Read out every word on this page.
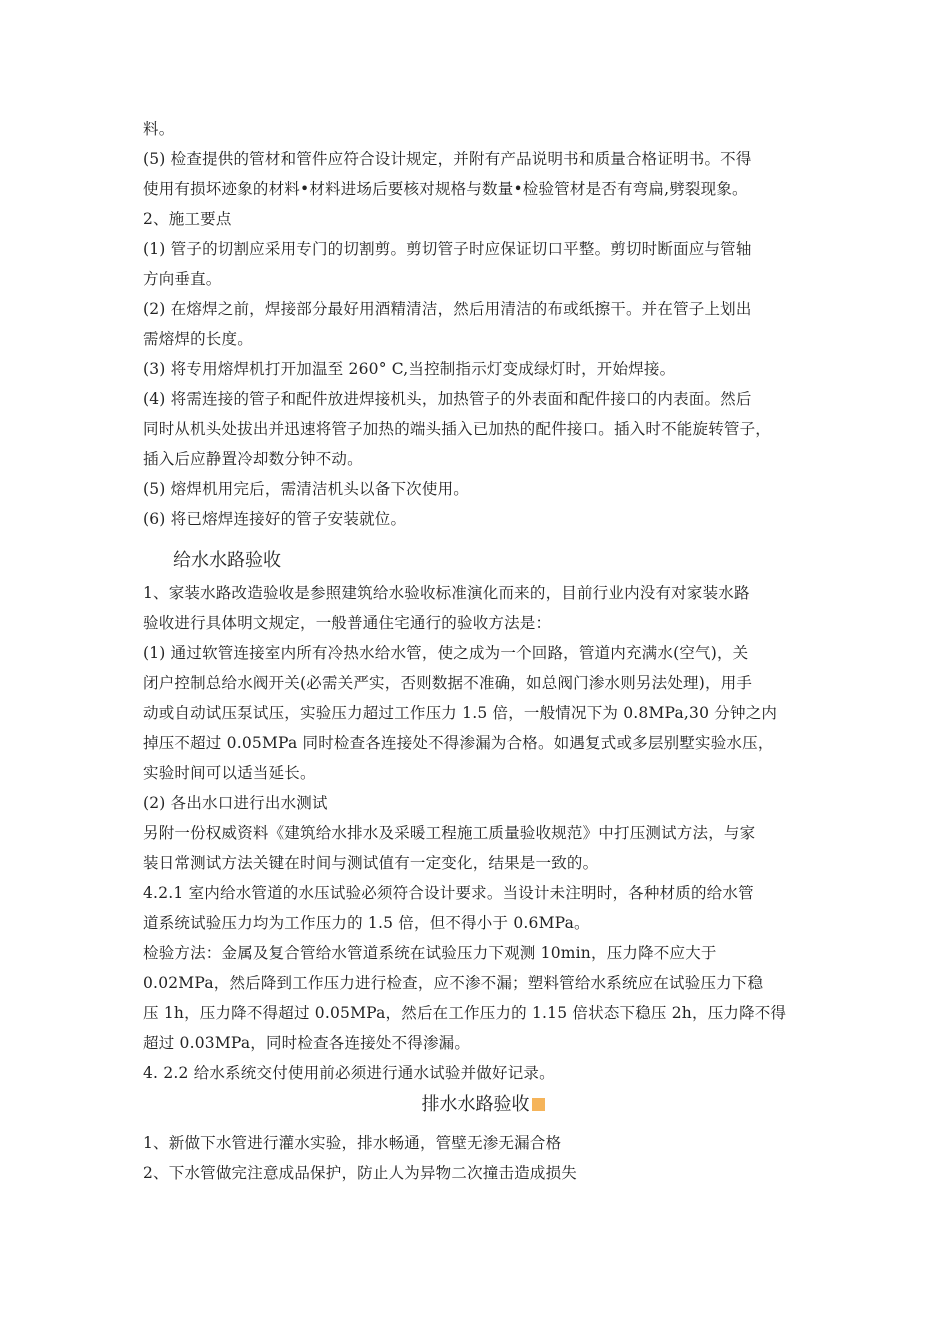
料。
(5) 检查提供的管材和管件应符合设计规定，并附有产品说明书和质量合格证明书。不得
使用有损坏迹象的材料•材料进场后要核对规格与数量•检验管材是否有弯扁,劈裂现象。
2、施工要点
(1) 管子的切割应采用专门的切割剪。剪切管子时应保证切口平整。剪切时断面应与管轴
方向垂直。
(2) 在熔焊之前，焊接部分最好用酒精清洁，然后用清洁的布或纸擦干。并在管子上划出
需熔焊的长度。
(3) 将专用熔焊机打开加温至 260° C,当控制指示灯变成绿灯时，开始焊接。
(4) 将需连接的管子和配件放进焊接机头，加热管子的外表面和配件接口的内表面。然后
同时从机头处拔出并迅速将管子加热的端头插入已加热的配件接口。插入时不能旋转管子，
插入后应静置冷却数分钟不动。
(5) 熔焊机用完后，需清洁机头以备下次使用。
(6) 将已熔焊连接好的管子安装就位。
给水水路验收
1、家装水路改造验收是参照建筑给水验收标准演化而来的，目前行业内没有对家装水路
验收进行具体明文规定，一般普通住宅通行的验收方法是：
(1) 通过软管连接室内所有冷热水给水管，使之成为一个回路，管道内充满水(空气)，关
闭户控制总给水阀开关(必需关严实，否则数据不准确，如总阀门渗水则另法处理)，用手
动或自动试压泵试压，实验压力超过工作压力 1.5 倍，一般情况下为 0.8MPa,30 分钟之内
掉压不超过 0.05MPa 同时检查各连接处不得渗漏为合格。如遇复式或多层别墅实验水压，
实验时间可以适当延长。
(2) 各出水口进行出水测试
另附一份权威资料《建筑给水排水及采暖工程施工质量验收规范》中打压测试方法，与家
装日常测试方法关键在时间与测试值有一定变化，结果是一致的。
4.2.1 室内给水管道的水压试验必须符合设计要求。当设计未注明时，各种材质的给水管
道系统试验压力均为工作压力的 1.5 倍，但不得小于 0.6MPa。
检验方法：金属及复合管给水管道系统在试验压力下观测 10min，压力降不应大于
0.02MPa，然后降到工作压力进行检查，应不渗不漏；塑料管给水系统应在试验压力下稳
压 1h，压力降不得超过 0.05MPa，然后在工作压力的 1.15 倍状态下稳压 2h，压力降不得
超过 0.03MPa，同时检查各连接处不得渗漏。
4. 2.2 给水系统交付使用前必须进行通水试验并做好记录。
排水水路验收
1、新做下水管进行灌水实验，排水畅通，管壁无渗无漏合格
2、下水管做完注意成品保护，防止人为异物二次撞击造成损失
